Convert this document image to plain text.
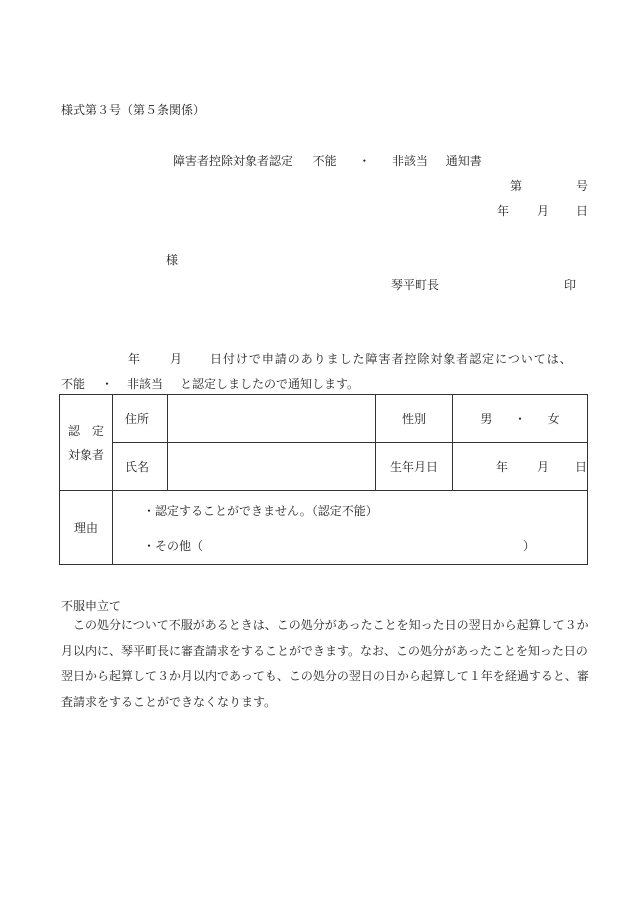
様式第３号（第５条関係）
障害者控除対象者認定 不能 ・ 非該当 通知書
第	号
年 月 日
様
琴平町長	印
年 月 日付けで申請のありました障害者控除対象者認定については、
不能 ・ 非該当 と認定しましたので通知します。
認　定
対象者	住所		性別	男 ・ 女
	氏名		生年月日	年 月 日

理由	・認定することができません。（認定不能）
・その他（ ）			
不服申立て
　この処分について不服があるときは、この処分があったことを知った日の翌日から起算して３か月以内に、琴平町長に審査請求をすることができます。なお、この処分があったことを知った日の翌日から起算して３か月以内であっても、この処分の翌日の日から起算して１年を経過すると、審査請求をすることができなくなります。
